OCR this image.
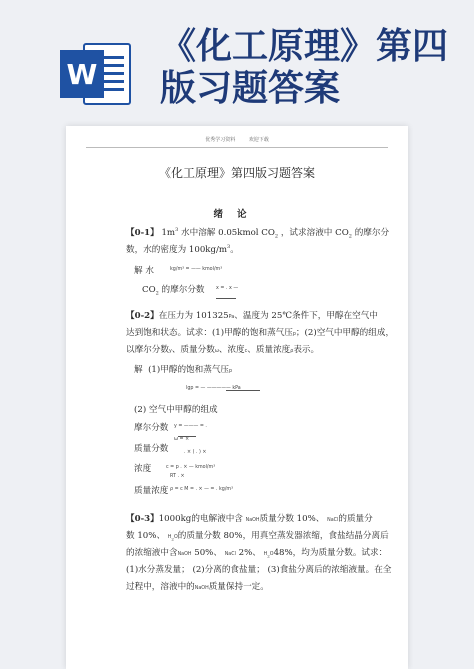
W
《化工原理》第四
版习题答案
优秀学习资料	欢迎下载
《化工原理》第四版习题答案
绪论
【0-1】 $1m^3$ 水中溶解 0.05kmol $CO_2$ ，试求溶液中 $CO_2$ 的摩尔分
数，水的密度为 $100kg/m^3$。
解 水	kg/m³ = —— kmol/m³
$CO_2$ 的摩尔分数 x = . x —
【0-2】在压力为 101325Pa、温度为 25℃条件下，甲醇在空气中
达到饱和状态。试求：(1)甲醇的饱和蒸气压p；(2)空气中甲醇的组成，
以摩尔分数y、质量分数ω、浓度c、质量浓度ρ表示。
解 (1)甲醇的饱和蒸气压p
lgp = — ————— kPa
(2) 空气中甲醇的组成
摩尔分数 y = ——— = .
质量分数
ω = ×
. × ( . ) ×
浓度	c = p . × — kmol/m³
RT . ×
质量浓度 ρ = c M = . × — = . kg/m³
【0-3】1000kg的电解液中含 NaOH质量分数 10%、 NaCl的质量分
数 10%、 $H_2O$的质量分数 80%，用真空蒸发器浓缩，食盐结晶分离后
的浓缩液中含NaOH 50%、 NaCl 2%、 $H_2O48\%$，均为质量分数。试求：
(1)水分蒸发量； (2)分离的食盐量； (3)食盐分离后的浓缩液量。在全
过程中，溶液中的NaOH质量保持一定。
